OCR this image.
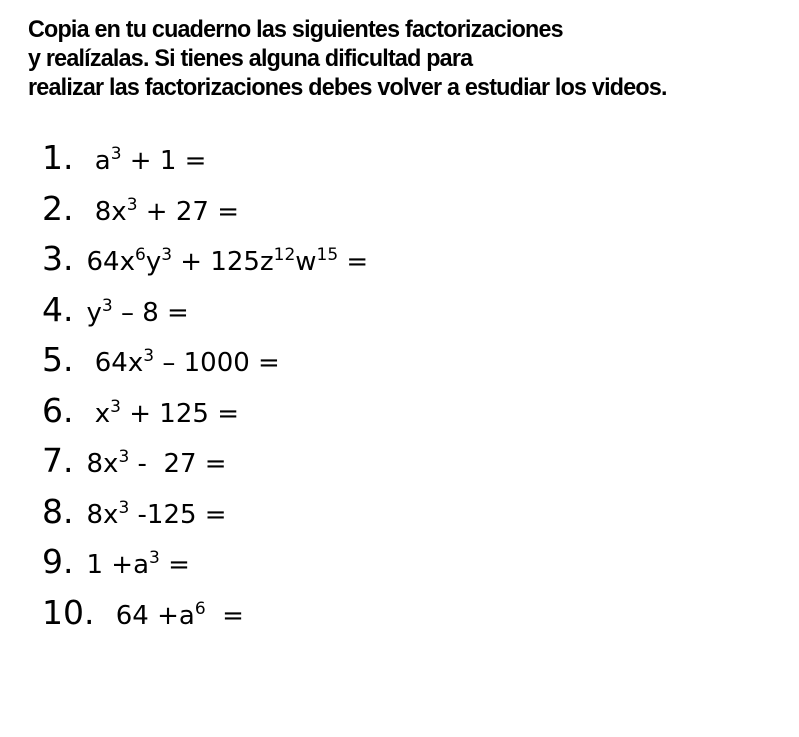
Copia en tu cuaderno las siguientes factorizaciones
y realízalas. Si tienes alguna dificultad para
realizar las factorizaciones debes volver a estudiar los videos.
1. $a^3 + 1$ =
2. $8x^3 + 27$ =
3. $64x^6y^3 + 125z^{12}w^{15}$ =
4. $y^3 - 8$ =
5. $64x^3 - 1000$ =
6. $x^3 + 125$ =
7. $8x^3 - 27$ =
8. $8x^3$ -125 =
9. $1 +a^3$ =
10. $64 +a^6$  =
